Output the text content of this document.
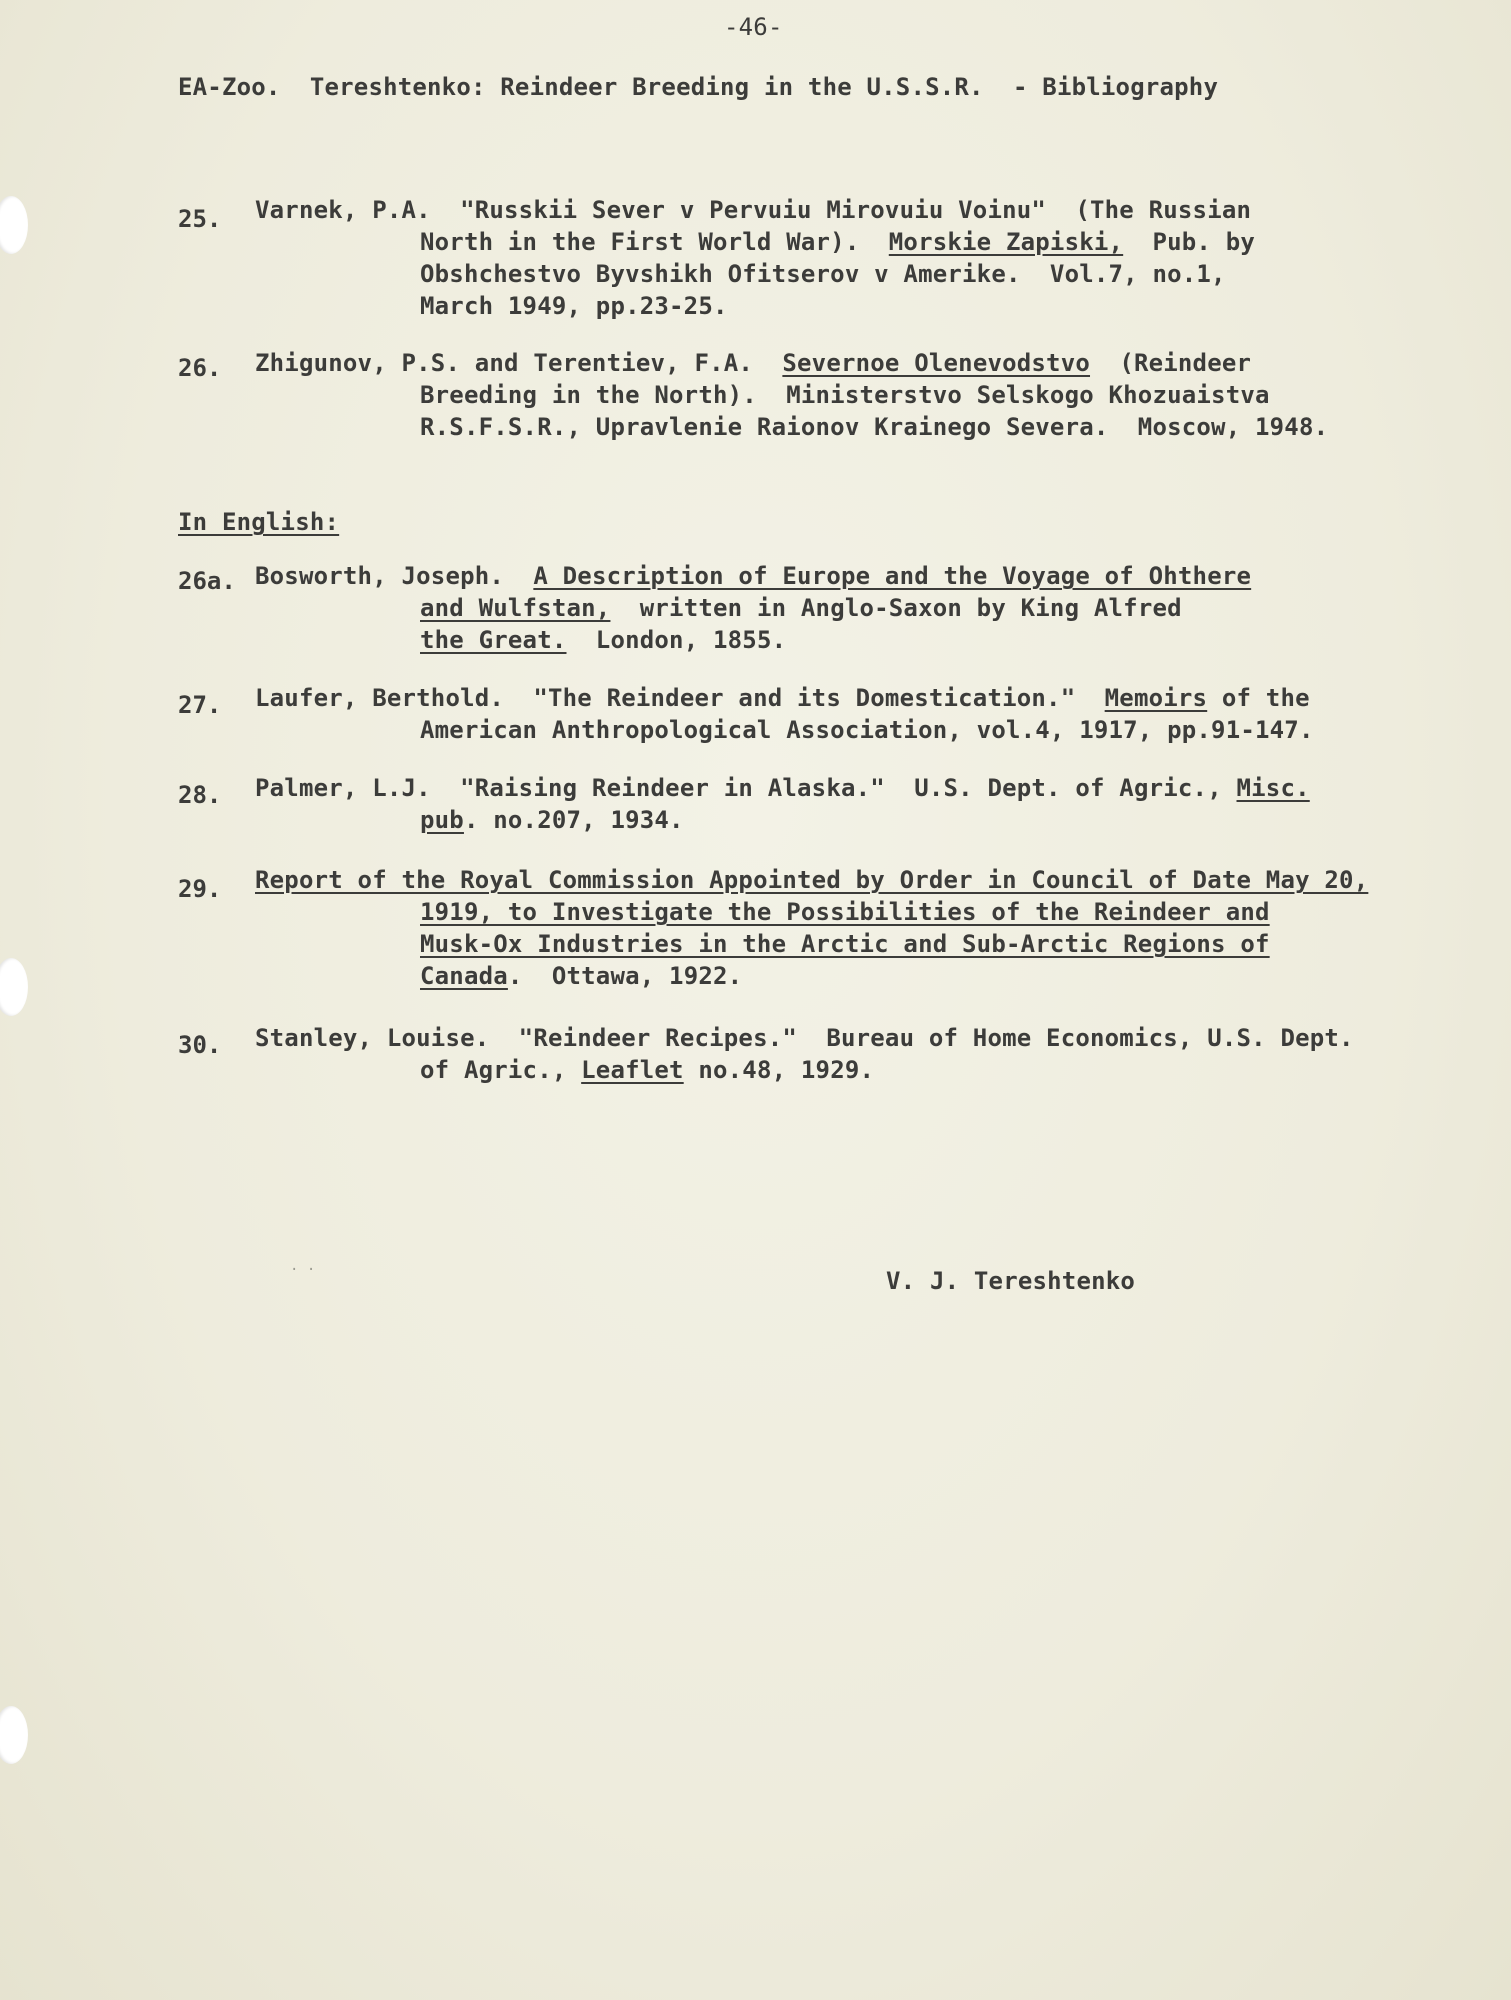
-46-
EA-Zoo.  Tereshtenko: Reindeer Breeding in the U.S.S.R.  - Bibliography
25. Varnek, P.A.  "Russkii Sever v Pervuiu Mirovuiu Voinu"  (The Russian
North in the First World War).  Morskie Zapiski,  Pub. by
Obshchestvo Byvshikh Ofitserov v Amerike.  Vol.7, no.1,
March 1949, pp.23-25.
26. Zhigunov, P.S. and Terentiev, F.A.  Severnoe Olenevodstvo  (Reindeer
Breeding in the North).  Ministerstvo Selskogo Khozuaistva
R.S.F.S.R., Upravlenie Raionov Krainego Severa.  Moscow, 1948.
In English:
26a. Bosworth, Joseph.  A Description of Europe and the Voyage of Ohthere
and Wulfstan,  written in Anglo-Saxon by King Alfred
the Great.  London, 1855.
27. Laufer, Berthold.  "The Reindeer and its Domestication."  Memoirs of the
American Anthropological Association, vol.4, 1917, pp.91-147.
28. Palmer, L.J.  "Raising Reindeer in Alaska."  U.S. Dept. of Agric., Misc.
pub. no.207, 1934.
29. Report of the Royal Commission Appointed by Order in Council of Date May 20,
1919, to Investigate the Possibilities of the Reindeer and
Musk-Ox Industries in the Arctic and Sub-Arctic Regions of
Canada.  Ottawa, 1922.
30. Stanley, Louise.  "Reindeer Recipes."  Bureau of Home Economics, U.S. Dept.
of Agric., Leaflet no.48, 1929.
· ·	V. J. Tereshtenko
